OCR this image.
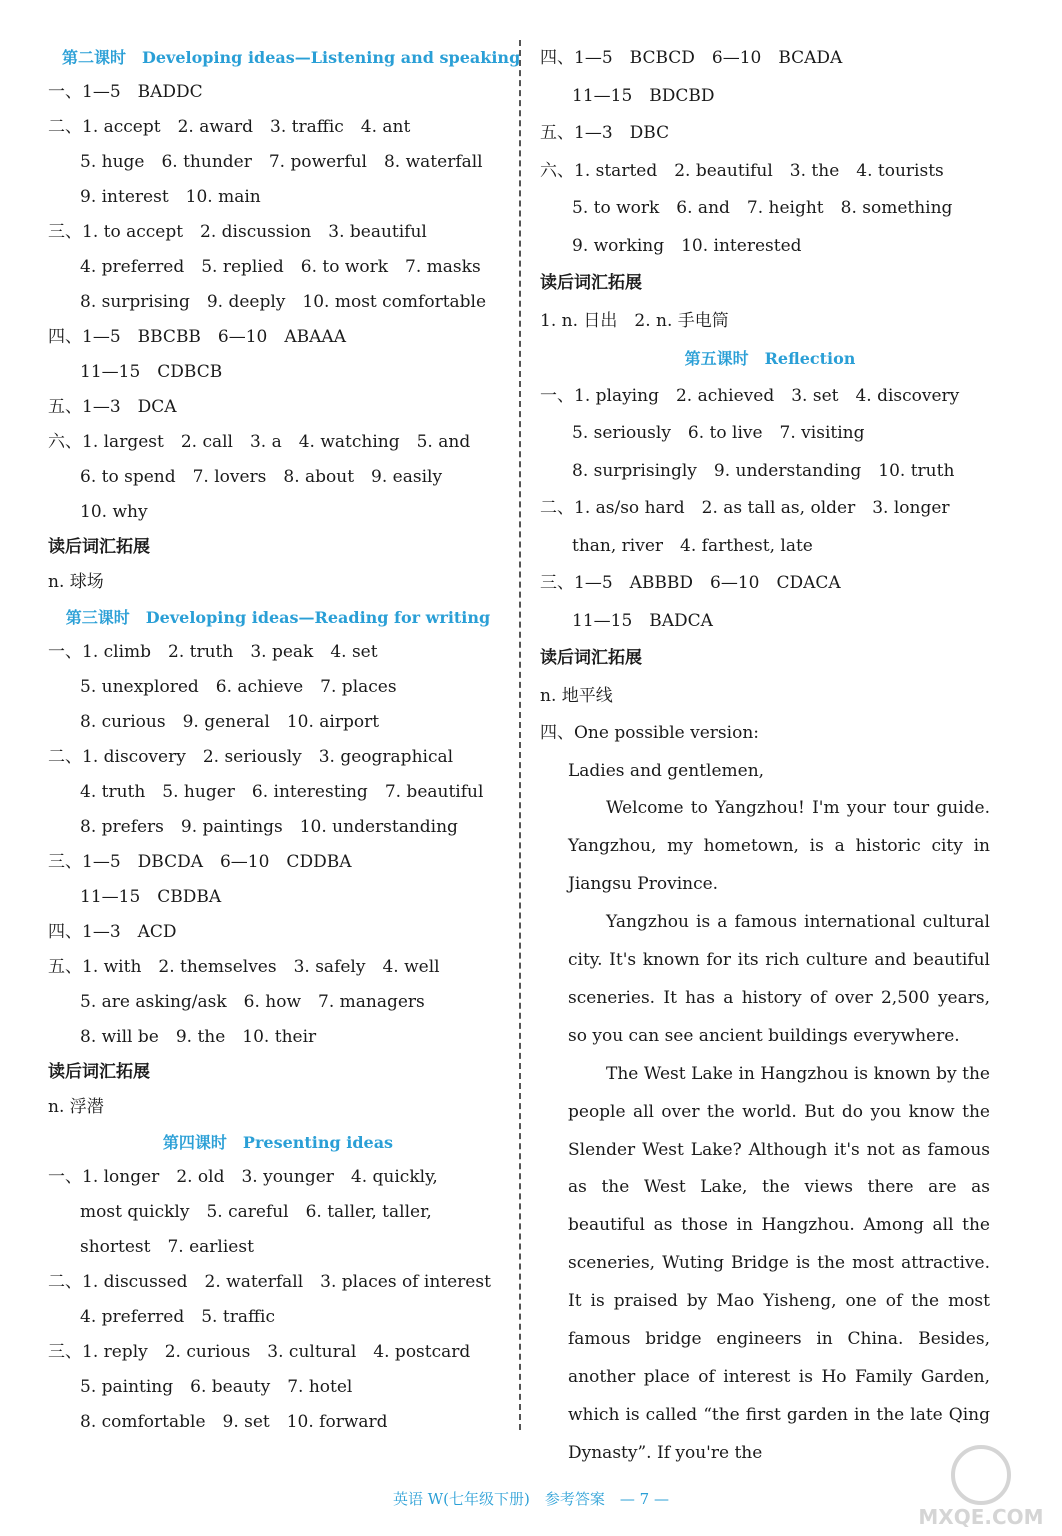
第二课时　Developing ideas—Listening and speaking
一、1—5　BADDC
二、1. accept　2. award　3. traffic　4. ant
5. huge　6. thunder　7. powerful　8. waterfall
9. interest　10. main
三、1. to accept　2. discussion　3. beautiful
4. preferred　5. replied　6. to work　7. masks
8. surprising　9. deeply　10. most comfortable
四、1—5　BBCBB　6—10　ABAAA
11—15　CDBCB
五、1—3　DCA
六、1. largest　2. call　3. a　4. watching　5. and
6. to spend　7. lovers　8. about　9. easily
10. why
读后词汇拓展
n. 球场
第三课时　Developing ideas—Reading for writing
一、1. climb　2. truth　3. peak　4. set
5. unexplored　6. achieve　7. places
8. curious　9. general　10. airport
二、1. discovery　2. seriously　3. geographical
4. truth　5. huger　6. interesting　7. beautiful
8. prefers　9. paintings　10. understanding
三、1—5　DBCDA　6—10　CDDBA
11—15　CBDBA
四、1—3　ACD
五、1. with　2. themselves　3. safely　4. well
5. are asking/ask　6. how　7. managers
8. will be　9. the　10. their
读后词汇拓展
n. 浮潜
第四课时　Presenting ideas
一、1. longer　2. old　3. younger　4. quickly,
most quickly　5. careful　6. taller, taller,
shortest　7. earliest
二、1. discussed　2. waterfall　3. places of interest
4. preferred　5. traffic
三、1. reply　2. curious　3. cultural　4. postcard
5. painting　6. beauty　7. hotel
8. comfortable　9. set　10. forward
四、1—5　BCBCD　6—10　BCADA
11—15　BDCBD
五、1—3　DBC
六、1. started　2. beautiful　3. the　4. tourists
5. to work　6. and　7. height　8. something
9. working　10. interested
读后词汇拓展
1. n. 日出　2. n. 手电筒
第五课时　Reflection
一、1. playing　2. achieved　3. set　4. discovery
5. seriously　6. to live　7. visiting
8. surprisingly　9. understanding　10. truth
二、1. as/so hard　2. as tall as, older　3. longer
than, river　4. farthest, late
三、1—5　ABBBD　6—10　CDACA
11—15　BADCA
读后词汇拓展
n. 地平线
四、One possible version:

Ladies and gentlemen,

Welcome to Yangzhou! I'm your tour guide. Yangzhou, my hometown, is a historic city in Jiangsu Province.

Yangzhou is a famous international cultural city. It's known for its rich culture and beautiful sceneries. It has a history of over 2,500 years, so you can see ancient buildings everywhere.

The West Lake in Hangzhou is known by the people all over the world. But do you know the Slender West Lake? Although it's not as famous as the West Lake, the views there are as beautiful as those in Hangzhou. Among all the sceneries, Wuting Bridge is the most attractive. It is praised by Mao Yisheng, one of the most famous bridge engineers in China. Besides, another place of interest is Ho Family Garden, which is called “the first garden in the late Qing Dynasty”. If you're the

英语 W(七年级下册)　参考答案　— 7 —
MXQE.COM
